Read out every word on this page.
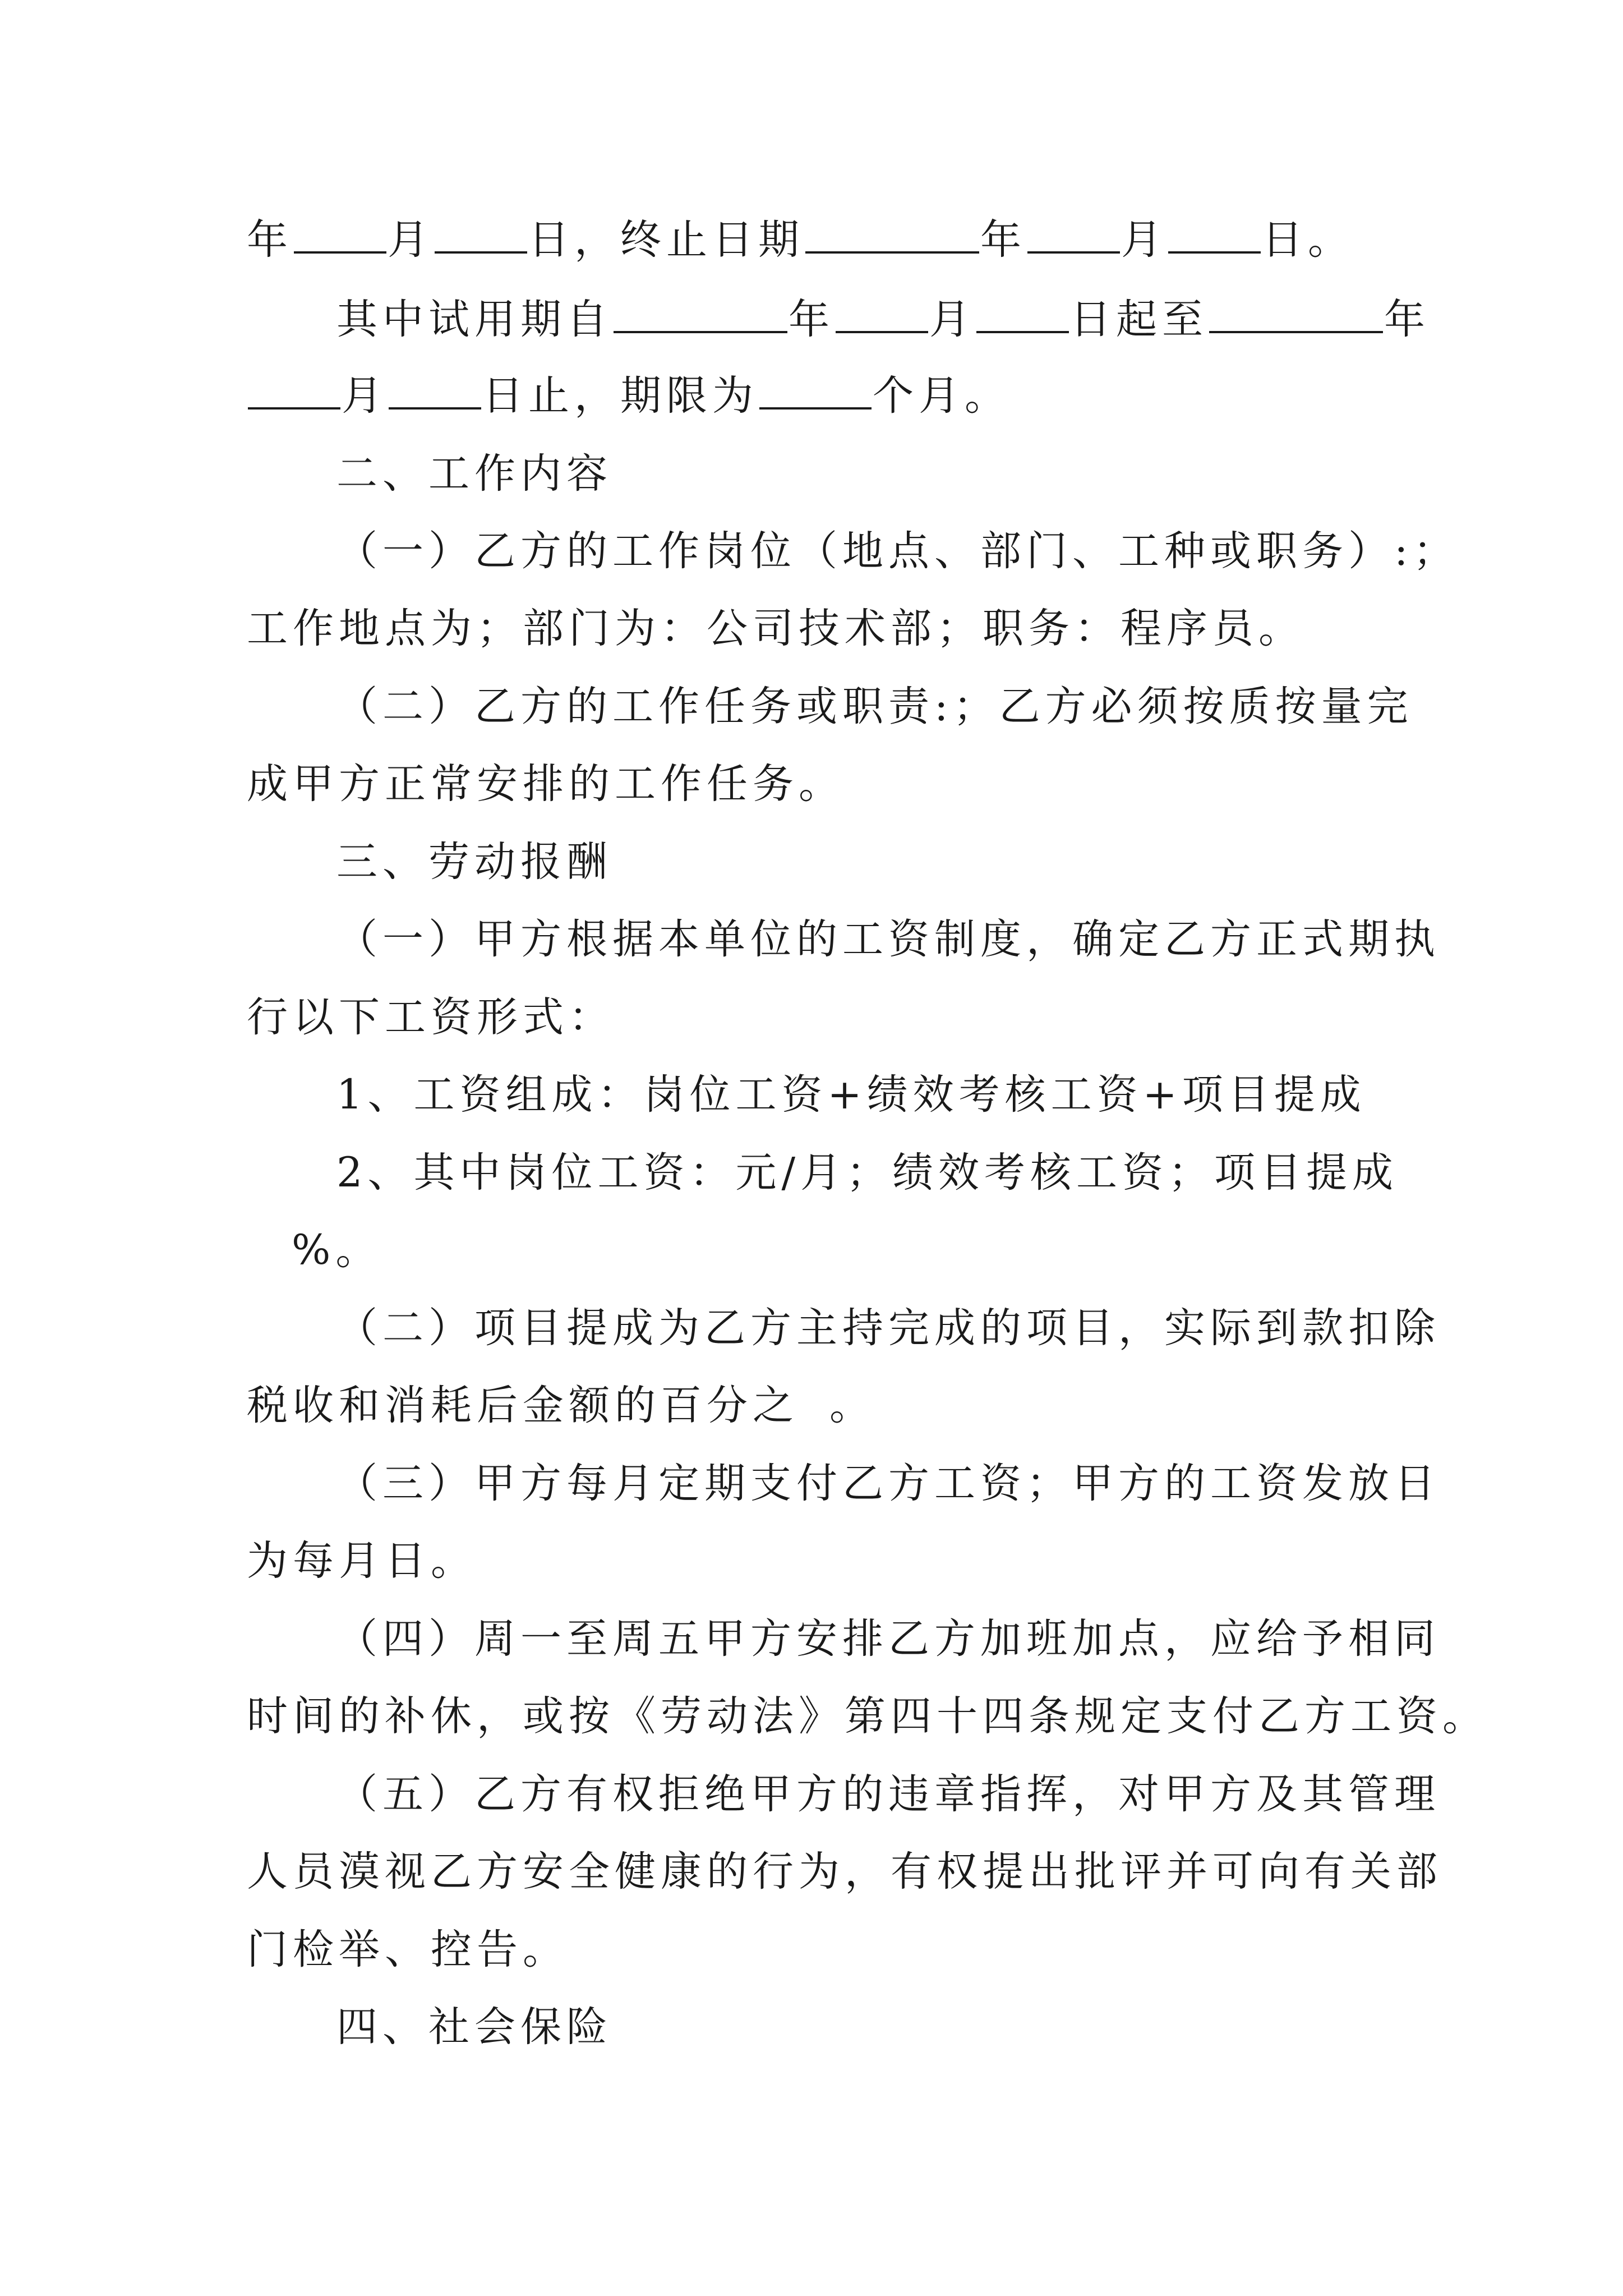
年 月 日，终止日期	年 月 日。
其中试用期自	年 月 日起至	年
月 日止，期限为	个月。
二、工作内容
（一）乙方的工作岗位（地点、部门、工种或职务）:；
工作地点为；部门为：公司技术部；职务：程序员。
（二）乙方的工作任务或职责:；乙方必须按质按量完
成甲方正常安排的工作任务。
三、劳动报酬
（一）甲方根据本单位的工资制度，确定乙方正式期执
行以下工资形式：
1、工资组成：岗位工资+绩效考核工资+项目提成
2、其中岗位工资：元/月；绩效考核工资；项目提成
%。
（二）项目提成为乙方主持完成的项目，实际到款扣除
税收和消耗后金额的百分之 。
（三）甲方每月定期支付乙方工资；甲方的工资发放日
为每月日。
（四）周一至周五甲方安排乙方加班加点，应给予相同
时间的补休，或按《劳动法》第四十四条规定支付乙方工资。
（五）乙方有权拒绝甲方的违章指挥，对甲方及其管理
人员漠视乙方安全健康的行为，有权提出批评并可向有关部
门检举、控告。
四、社会保险
